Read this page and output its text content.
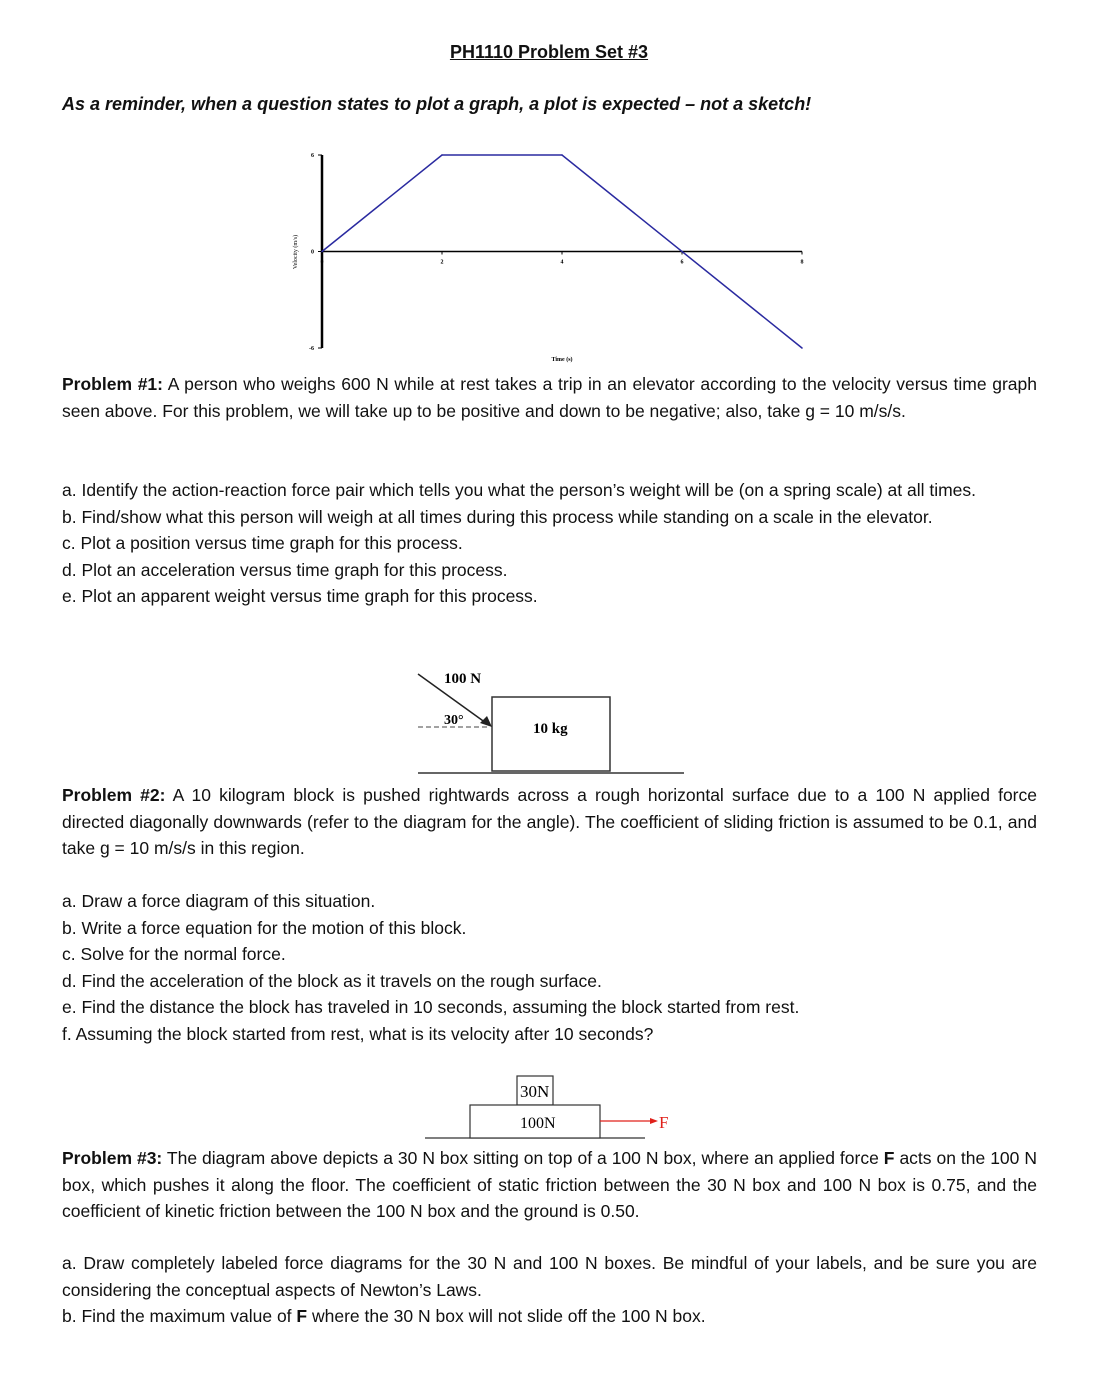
PH1110 Problem Set #3
As a reminder, when a question states to plot a graph, a plot is expected – not a sketch!
0	2	4	6	8
6
0
-6
Time (s)
Velocity (m/s)
Problem #1: A person who weighs 600 N while at rest takes a trip in an elevator according to the velocity versus time graph seen above. For this problem, we will take up to be positive and down to be negative; also, take g = 10 m/s/s.
a. Identify the action-reaction force pair which tells you what the person’s weight will be (on a spring scale) at all times.
b. Find/show what this person will weigh at all times during this process while standing on a scale in the elevator.
c. Plot a position versus time graph for this process.
d. Plot an acceleration versus time graph for this process.
e. Plot an apparent weight versus time graph for this process.
100 N
30°
10 kg
Problem #2: A 10 kilogram block is pushed rightwards across a rough horizontal surface due to a 100 N applied force directed diagonally downwards (refer to the diagram for the angle). The coefficient of sliding friction is assumed to be 0.1, and take g = 10 m/s/s in this region.
a. Draw a force diagram of this situation.
b. Write a force equation for the motion of this block.
c. Solve for the normal force.
d. Find the acceleration of the block as it travels on the rough surface.
e. Find the distance the block has traveled in 10 seconds, assuming the block started from rest.
f. Assuming the block started from rest, what is its velocity after 10 seconds?
30N
100N	F
Problem #3: The diagram above depicts a 30 N box sitting on top of a 100 N box, where an applied force F acts on the 100 N box, which pushes it along the floor. The coefficient of static friction between the 30 N box and 100 N box is 0.75, and the coefficient of kinetic friction between the 100 N box and the ground is 0.50.
a. Draw completely labeled force diagrams for the 30 N and 100 N boxes. Be mindful of your labels, and be sure you are considering the conceptual aspects of Newton’s Laws.
b. Find the maximum value of F where the 30 N box will not slide off the 100 N box.
